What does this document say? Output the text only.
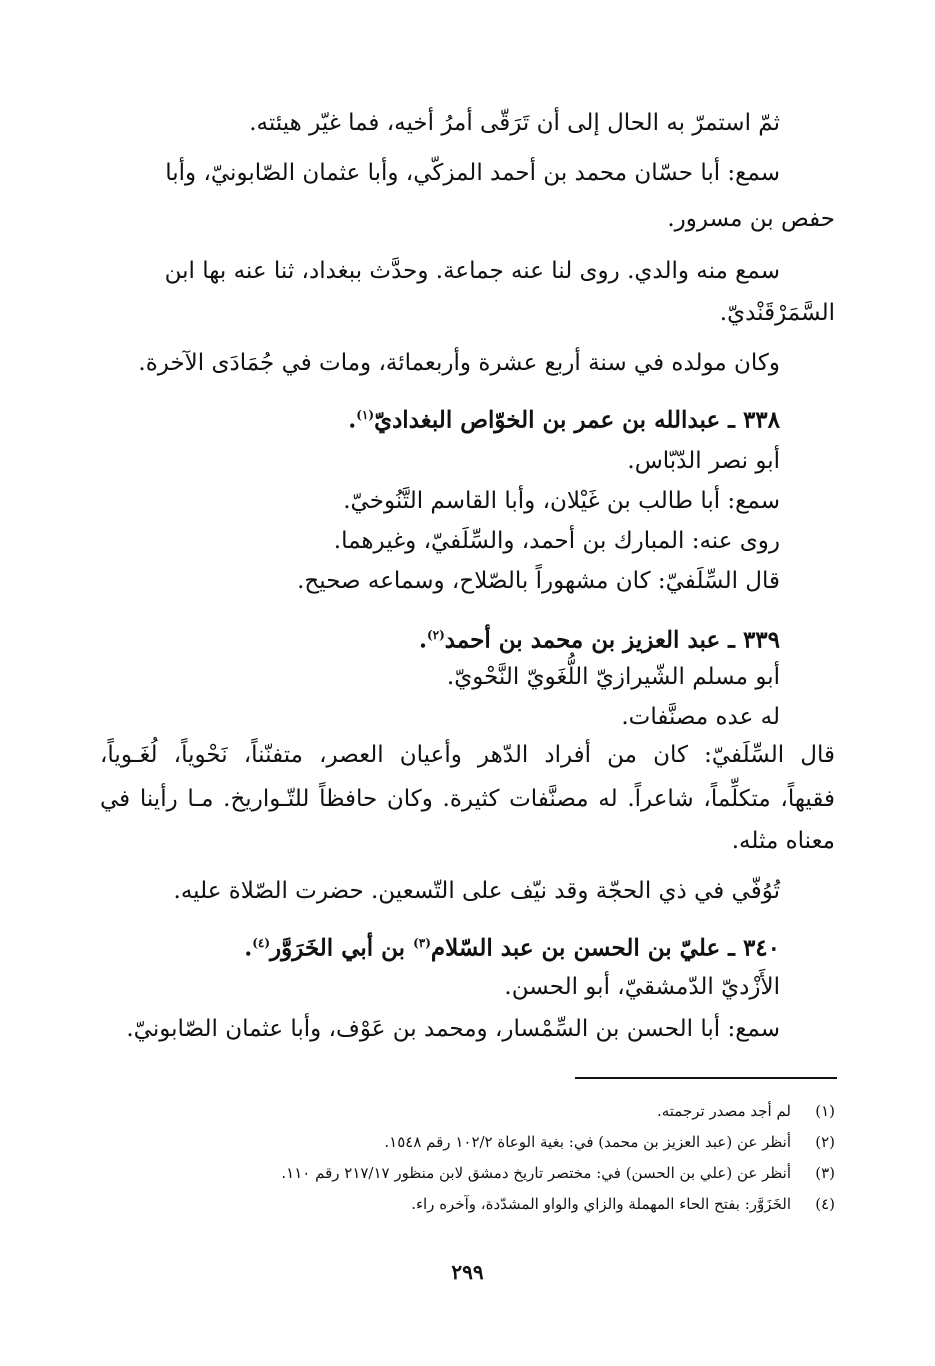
ثمّ استمرّ به الحال إلى أن تَرَقّى أمرُ أخيه، فما غيّر هيئته.
سمع: أبا حسّان محمد بن أحمد المزكّي، وأبا عثمان الصّابونيّ، وأبا
حفص بن مسرور.
سمع منه والدي. روى لنا عنه جماعة. وحدَّث ببغداد، ثنا عنه بها ابن
السَّمَرْقَنْديّ.
وكان مولده في سنة أربع عشرة وأربعمائة، ومات في جُمَادَى الآخرة.
٣٣٨ ـ عبدالله بن عمر بن الخوّاص البغداديّ$^{(١)}$.
أبو نصر الدّبّاس.
سمع: أبا طالب بن غَيْلان، وأبا القاسم التَّنُوخيّ.
روى عنه: المبارك بن أحمد، والسِّلَفيّ، وغيرهما.
قال السِّلَفيّ: كان مشهوراً بالصّلاح، وسماعه صحيح.
٣٣٩ ـ عبد العزيز بن محمد بن أحمد$^{(٢)}$.
أبو مسلم الشّيرازيّ اللُّغَويّ النَّحْويّ.
له عده مصنَّفات.
قال السِّلَفيّ: كان من أفراد الدّهر وأعيان العصر، متفنّناً، نَحْوياً، لُغَـوياً،
فقيهاً، متكلِّماً، شاعراً. له مصنَّفات كثيرة. وكان حافظاً للتّـواريخ. مـا رأينا في
معناه مثله.
تُوُفّي في ذي الحجّة وقد نيّف على التّسعين. حضرت الصّلاة عليه.
٣٤٠ ـ عليّ بن الحسن بن عبد السّلام$^{(٣)}$ بن أبي الخَرَوَّر$^{(٤)}$.
الأَزْديّ الدّمشقيّ، أبو الحسن.
سمع: أبا الحسن بن السِّمْسار، ومحمد بن عَوْف، وأبا عثمان الصّابونيّ.
(١)لم أجد مصدر ترجمته.
(٢)أنظر عن (عبد العزيز بن محمد) في: بغية الوعاة ١٠٢/٢ رقم ١٥٤٨.
(٣)أنظر عن (علي بن الحسن) في: مختصر تاريخ دمشق لابن منظور ٢١٧/١٧ رقم ١١٠.
(٤)الخَزَوَّر: بفتح الحاء المهملة والزاي والواو المشدّدة، وآخره راء.
٢٩٩
